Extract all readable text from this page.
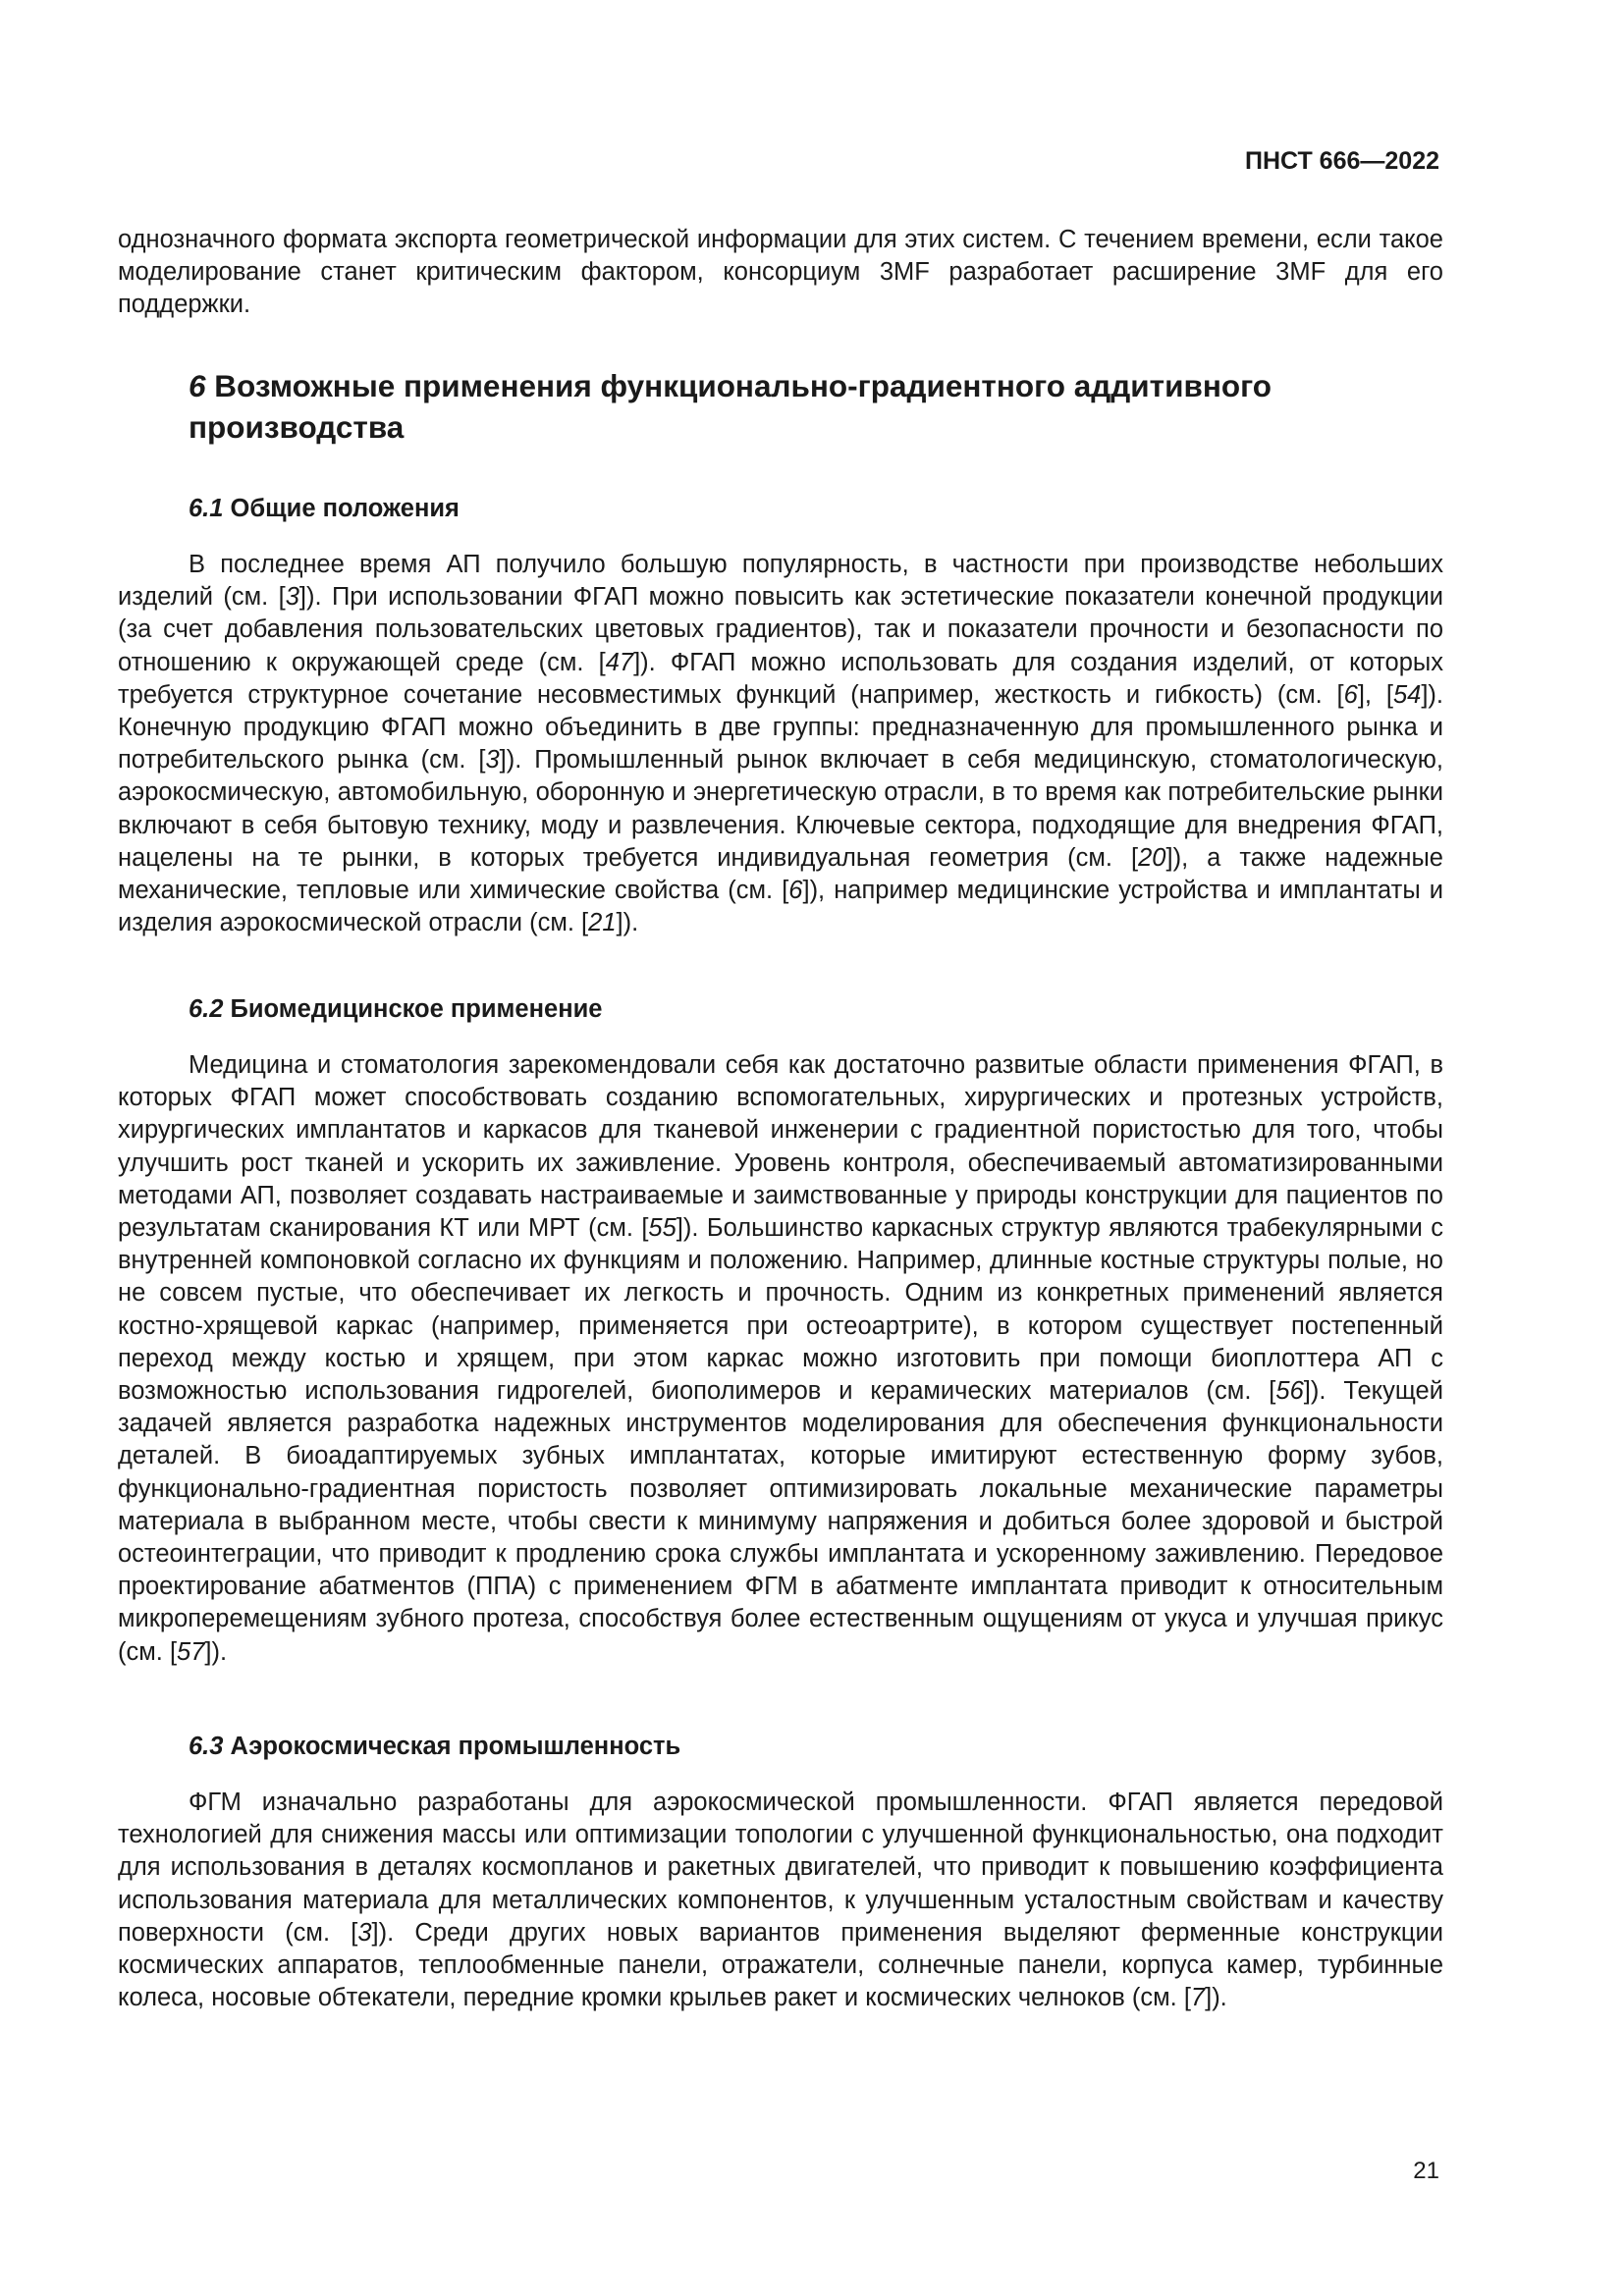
ПНСТ 666—2022

однозначного формата экспорта геометрической информации для этих систем. С течением времени, если такое моделирование станет критическим фактором, консорциум 3MF разработает расширение 3MF для его поддержки.

6 Возможные применения функционально-градиентного аддитивного производства
6.1 Общие положения

В последнее время АП получило большую популярность, в частности при производстве небольших изделий (см. [3]). При использовании ФГАП можно повысить как эстетические показатели конечной продукции (за счет добавления пользовательских цветовых градиентов), так и показатели прочности и безопасности по отношению к окружающей среде (см. [47]). ФГАП можно использовать для создания изделий, от которых требуется структурное сочетание несовместимых функций (например, жесткость и гибкость) (см. [6], [54]). Конечную продукцию ФГАП можно объединить в две группы: предназначенную для промышленного рынка и потребительского рынка (см. [3]). Промышленный рынок включает в себя медицинскую, стоматологическую, аэрокосмическую, автомобильную, оборонную и энергетическую отрасли, в то время как потребительские рынки включают в себя бытовую технику, моду и развлечения. Ключевые сектора, подходящие для внедрения ФГАП, нацелены на те рынки, в которых требуется индивидуальная геометрия (см. [20]), а также надежные механические, тепловые или химические свойства (см. [6]), например медицинские устройства и имплантаты и изделия аэрокосмической отрасли (см. [21]).

6.2 Биомедицинское применение

Медицина и стоматология зарекомендовали себя как достаточно развитые области применения ФГАП, в которых ФГАП может способствовать созданию вспомогательных, хирургических и протезных устройств, хирургических имплантатов и каркасов для тканевой инженерии с градиентной пористостью для того, чтобы улучшить рост тканей и ускорить их заживление. Уровень контроля, обеспечиваемый автоматизированными методами АП, позволяет создавать настраиваемые и заимствованные у природы конструкции для пациентов по результатам сканирования КТ или МРТ (см. [55]). Большинство каркасных структур являются трабекулярными с внутренней компоновкой согласно их функциям и положению. Например, длинные костные структуры полые, но не совсем пустые, что обеспечивает их легкость и прочность. Одним из конкретных применений является костно-хрящевой каркас (например, применяется при остеоартрите), в котором существует постепенный переход между костью и хрящем, при этом каркас можно изготовить при помощи биоплоттера АП с возможностью использования гидрогелей, биополимеров и керамических материалов (см. [56]). Текущей задачей является разработка надежных инструментов моделирования для обеспечения функциональности деталей. В биоадаптируемых зубных имплантатах, которые имитируют естественную форму зубов, функционально-градиентная пористость позволяет оптимизировать локальные механические параметры материала в выбранном месте, чтобы свести к минимуму напряжения и добиться более здоровой и быстрой остеоинтеграции, что приводит к продлению срока службы имплантата и ускоренному заживлению. Передовое проектирование абатментов (ППА) с применением ФГМ в абатменте имплантата приводит к относительным микроперемещениям зубного протеза, способствуя более естественным ощущениям от укуса и улучшая прикус (см. [57]).

6.3 Аэрокосмическая промышленность

ФГМ изначально разработаны для аэрокосмической промышленности. ФГАП является передовой технологией для снижения массы или оптимизации топологии с улучшенной функциональностью, она подходит для использования в деталях космопланов и ракетных двигателей, что приводит к повышению коэффициента использования материала для металлических компонентов, к улучшенным усталостным свойствам и качеству поверхности (см. [3]). Среди других новых вариантов применения выделяют ферменные конструкции космических аппаратов, теплообменные панели, отражатели, солнечные панели, корпуса камер, турбинные колеса, носовые обтекатели, передние кромки крыльев ракет и космических челноков (см. [7]).

21
